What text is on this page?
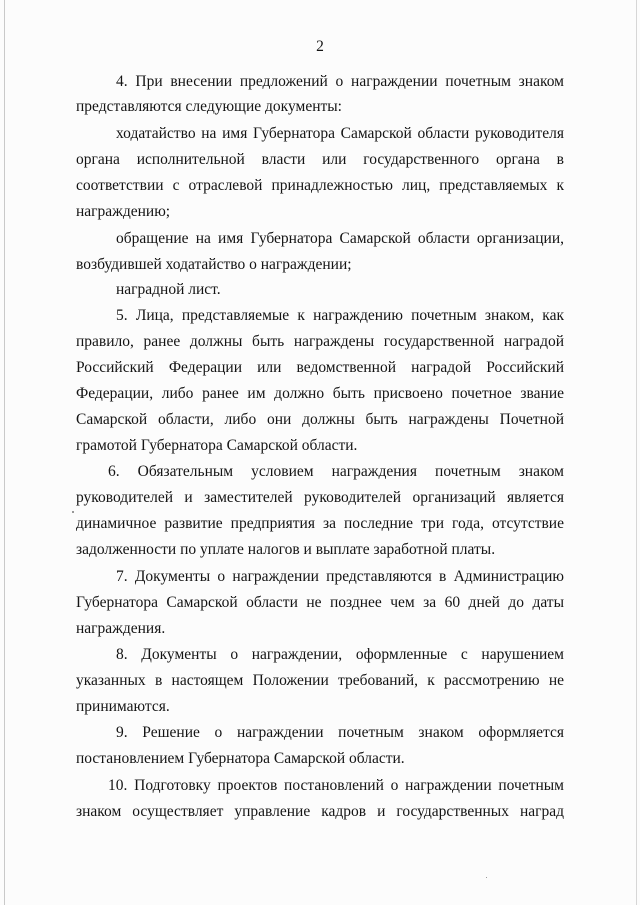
2
4. При внесении предложений о награждении почетным знаком
представляются следующие документы:
ходатайство на имя Губернатора Самарской области руководителя
органа исполнительной власти или государственного органа в
соответствии с отраслевой принадлежностью лиц, представляемых к
награждению;
обращение на имя Губернатора Самарской области организации,
возбудившей ходатайство о награждении;
наградной лист.
5. Лица, представляемые к награждению почетным знаком, как
правило, ранее должны быть награждены государственной наградой
Российский Федерации или ведомственной наградой Российский
Федерации, либо ранее им должно быть присвоено почетное звание
Самарской области, либо они должны быть награждены Почетной
грамотой Губернатора Самарской области.
6. Обязательным условием награждения почетным знаком
руководителей и заместителей руководителей организаций является
динамичное развитие предприятия за последние три года, отсутствие
задолженности по уплате налогов и выплате заработной платы.
7. Документы о награждении представляются в Администрацию
Губернатора Самарской области не позднее чем за 60 дней до даты
награждения.
8. Документы о награждении, оформленные с нарушением
указанных в настоящем Положении требований, к рассмотрению не
принимаются.
9. Решение о награждении почетным знаком оформляется
постановлением Губернатора Самарской области.
10. Подготовку проектов постановлений о награждении почетным
знаком осуществляет управление кадров и государственных наград
